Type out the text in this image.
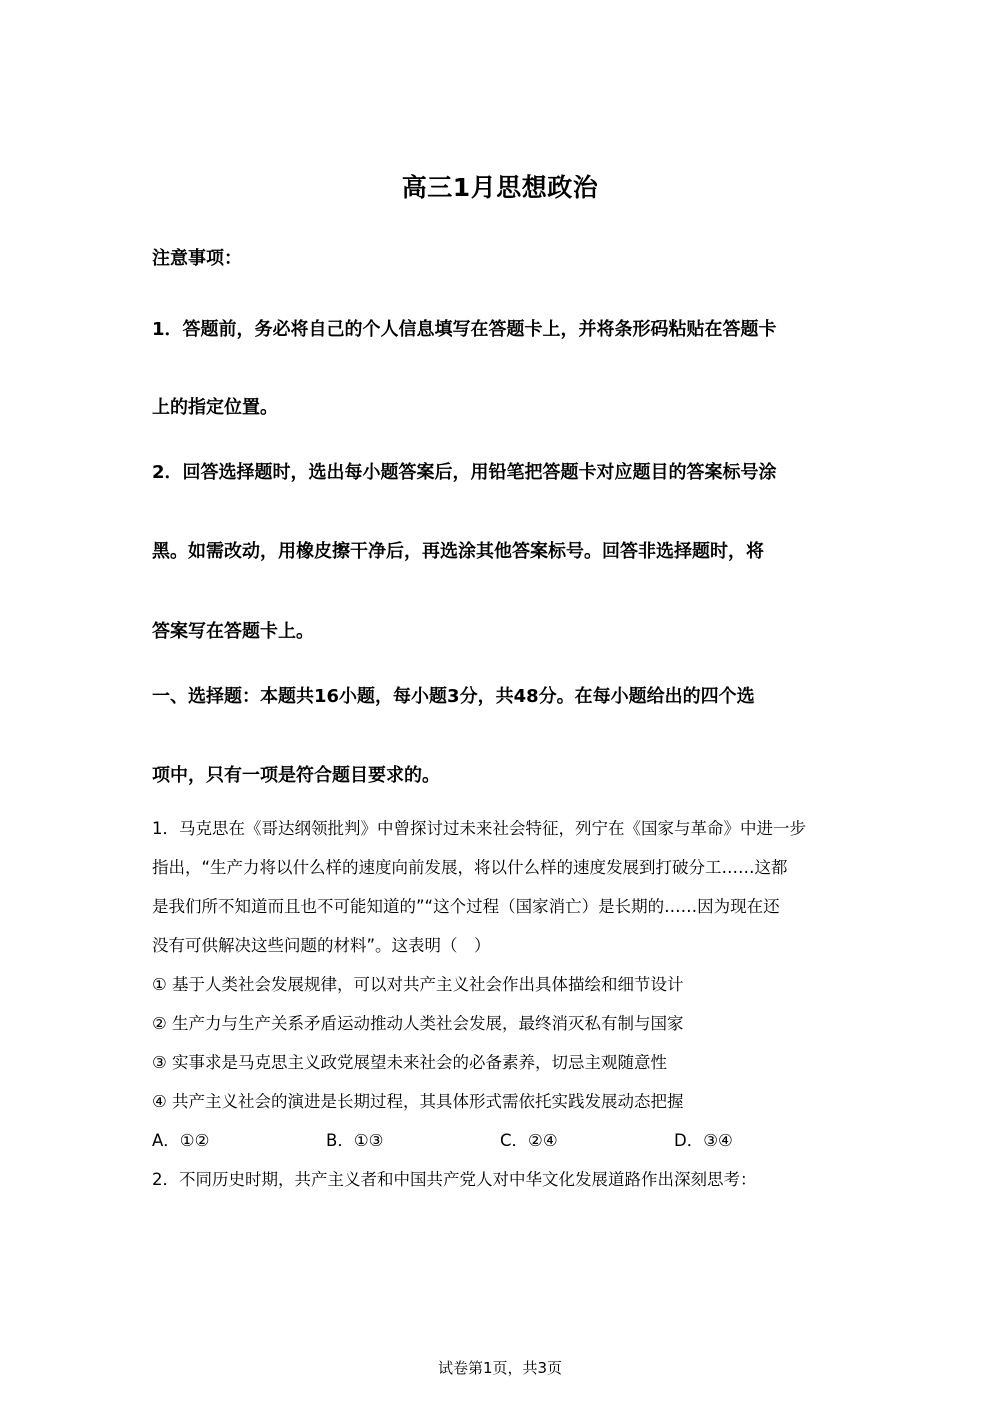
高三1月思想政治
注意事项：
1．答题前，务必将自己的个人信息填写在答题卡上，并将条形码粘贴在答题卡
上的指定位置。
2．回答选择题时，选出每小题答案后，用铅笔把答题卡对应题目的答案标号涂
黑。如需改动，用橡皮擦干净后，再选涂其他答案标号。回答非选择题时，将
答案写在答题卡上。
一、选择题：本题共16小题，每小题3分，共48分。在每小题给出的四个选
项中，只有一项是符合题目要求的。
1．马克思在《哥达纲领批判》中曾探讨过未来社会特征，列宁在《国家与革命》中进一步
指出，“生产力将以什么样的速度向前发展，将以什么样的速度发展到打破分工……这都
是我们所不知道而且也不可能知道的”“这个过程（国家消亡）是长期的……因为现在还
没有可供解决这些问题的材料”。这表明（　）
① 基于人类社会发展规律，可以对共产主义社会作出具体描绘和细节设计
② 生产力与生产关系矛盾运动推动人类社会发展，最终消灭私有制与国家
③ 实事求是马克思主义政党展望未来社会的必备素养，切忌主观随意性
④ 共产主义社会的演进是长期过程，其具体形式需依托实践发展动态把握
A．①②	B．①③	C．②④	D．③④
2．不同历史时期，共产主义者和中国共产党人对中华文化发展道路作出深刻思考：
试卷第1页，共3页
